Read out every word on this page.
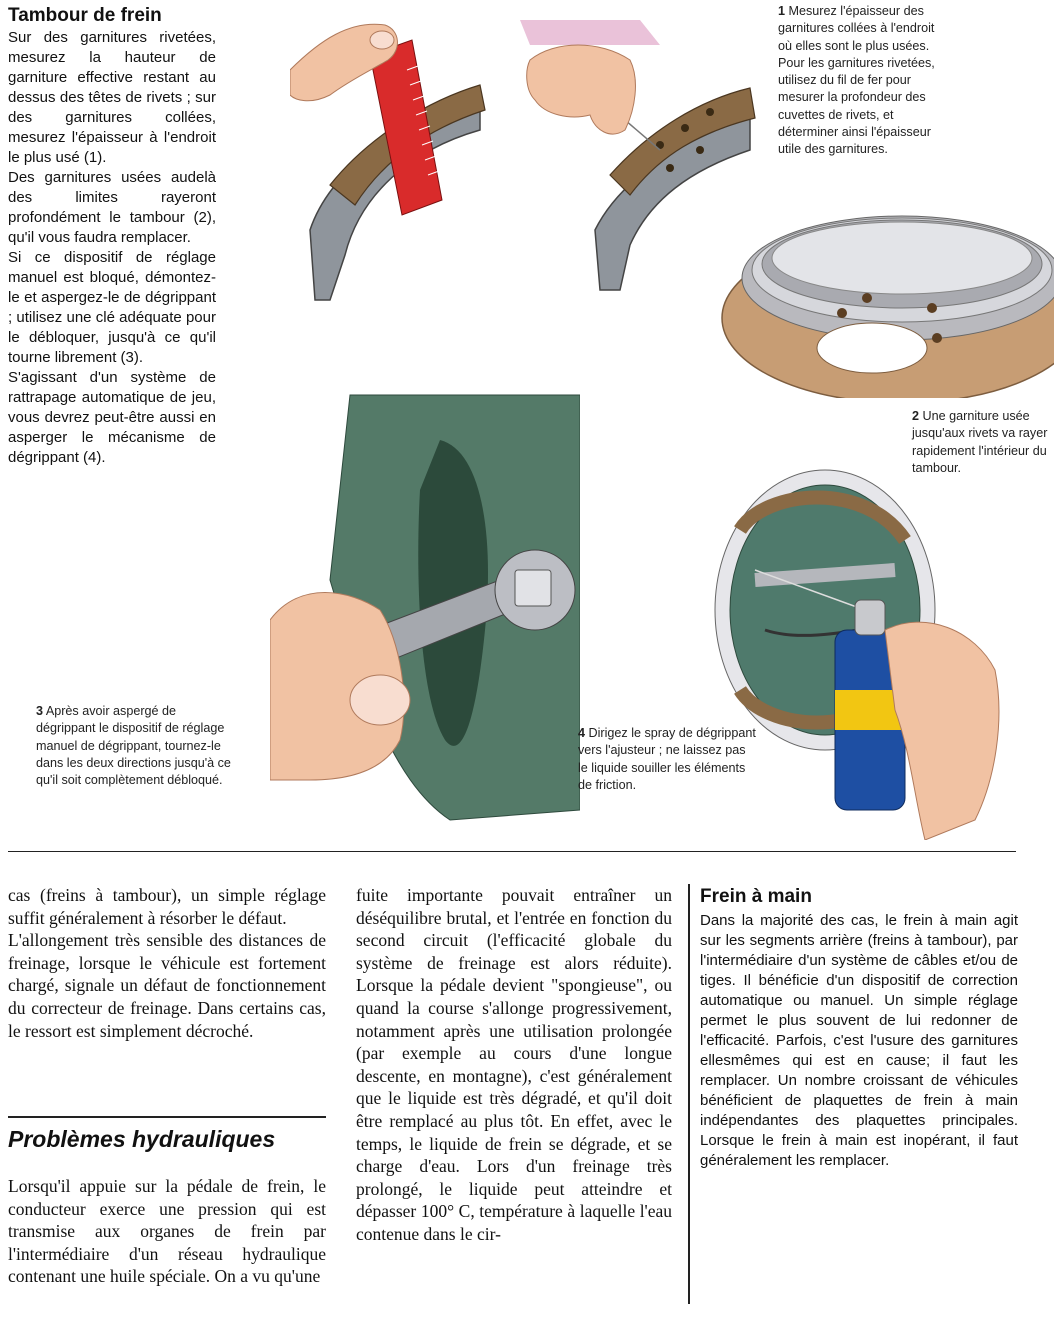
Tambour de frein

Sur des garnitures rivetées, mesurez la hauteur de garniture effective restant au dessus des têtes de rivets ; sur des garnitures collées, mesurez l'épaisseur à l'endroit le plus usé (1).

Des garnitures usées audelà des limites rayeront profondément le tambour (2), qu'il vous faudra remplacer.

Si ce dispositif de réglage manuel est bloqué, démontez-le et aspergez-le de dégrippant ; utilisez une clé adéquate pour le débloquer, jusqu'à ce qu'il tourne librement (3).

S'agissant d'un système de rattrapage automatique de jeu, vous devrez peut-être aussi en asperger le mécanisme de dégrippant (4).

1 Mesurez l'épaisseur des garnitures collées à l'endroit où elles sont le plus usées. Pour les garnitures rivetées, utilisez du fil de fer pour mesurer la profondeur des cuvettes de rivets, et déterminer ainsi l'épaisseur utile des garnitures.

2 Une garniture usée jusqu'aux rivets va rayer rapidement l'intérieur du tambour.

3 Après avoir aspergé de dégrippant le dispositif de réglage manuel de dégrippant, tournez-le dans les deux directions jusqu'à ce qu'il soit complètement débloqué.

4 Dirigez le spray de dégrippant vers l'ajusteur ; ne laissez pas le liquide souiller les éléments de friction.

cas (freins à tambour), un simple réglage suffit généralement à résorber le défaut.

L'allongement très sensible des distances de freinage, lorsque le véhicule est fortement chargé, signale un défaut de fonctionnement du correcteur de freinage. Dans certains cas, le ressort est simplement décroché.

Problèmes hydrauliques

Lorsqu'il appuie sur la pédale de frein, le conducteur exerce une pression qui est transmise aux organes de frein par l'intermédiaire d'un réseau hydraulique contenant une huile spéciale. On a vu qu'une

fuite importante pouvait entraîner un déséquilibre brutal, et l'entrée en fonction du second circuit (l'efficacité globale du système de freinage est alors réduite). Lorsque la pédale devient "spongieuse", ou quand la course s'allonge progressivement, notamment après une utilisation prolongée (par exemple au cours d'une longue descente, en montagne), c'est généralement que le liquide est très dégradé, et qu'il doit être remplacé au plus tôt. En effet, avec le temps, le liquide de frein se dégrade, et se charge d'eau. Lors d'un freinage très prolongé, le liquide peut atteindre et dépasser 100° C, température à laquelle l'eau contenue dans le cir-

Frein à main

Dans la majorité des cas, le frein à main agit sur les segments arrière (freins à tambour), par l'intermédiaire d'un système de câbles et/ou de tiges. Il bénéficie d'un dispositif de correction automatique ou manuel. Un simple réglage permet le plus souvent de lui redonner de l'efficacité. Parfois, c'est l'usure des garnitures ellesmêmes qui est en cause; il faut les remplacer. Un nombre croissant de véhicules bénéficient de plaquettes de frein à main indépendantes des plaquettes principales. Lorsque le frein à main est inopérant, il faut généralement les remplacer.
